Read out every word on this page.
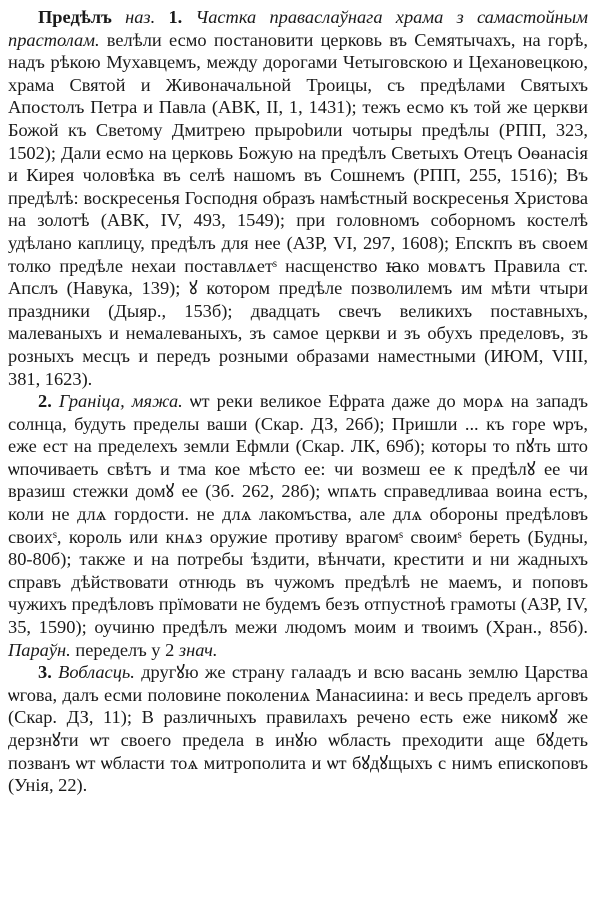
Предѣлъ наз. 1. Частка праваслаўнага храма з самастойным прастолам. велѣли есмо постановити церковь въ Семятычахъ, на горѣ, надъ рѣкою Мухавцемъ, между дорогами Четыговскою и Цехановецкою, храма Святой и Живоначальной Троицы, съ предѣлами Святыхъ Апостолъ Петра и Павла (АВК, II, 1, 1431); тежъ есмо къ той же церкви Божой къ Светому Дмитрею прырobили чотыры предѣлы (РПП, 323, 1502); Дали есмо на церковь Божую на предѣлъ Светыхъ Отецъ Оѳанасія и Кирея чоловѣка въ селѣ нашомъ въ Сошнемъ (РПП, 255, 1516); Въ предѣлѣ: воскресенья Господня образъ намѣстный воскресенья Христова на золотѣ (АВК, IV, 493, 1549); при головномъ соборномъ костелѣ удѣлано каплицу, предѣлъ для нее (АЗР, VI, 297, 1608); Епскпъ въ своем толко предѣле нехаи поставлѧетˢ насщенство ꙗко мовѧтъ Правила ст. Апслъ (Навука, 139); ꙋ котором предѣле позволилемъ им мѣти чтыри праздники (Дыяр., 153б); двадцать свечъ великихъ поставныхъ, малеваныхъ и немалеваныхъ, зъ самое церкви и зъ обухъ пределовъ, зъ розныхъ месцъ и передъ розными образами наместными (ИЮМ, VIII, 381, 1623).

2. Граніца, мяжа. ѡт реки великое Ефрата даже до морѧ на западъ солнца, будуть пределы ваши (Скар. ДЗ, 26б); Пришли ... къ горе ѡръ, еже ест на пределехъ земли Ефмли (Скар. ЛК, 69б); которы то пꙋть што ѡпочиваеть свѣтъ и тма кое мѣсто ее: чи возмеш ее к предѣлꙋ ее чи вразиш стежки домꙋ ее (Зб. 262, 28б); ѡпѧть справедливаа воина естъ, коли не длѧ гордости. не длѧ лакомъства, але длѧ обороны предѣловъ своихˢ, король или кнѧз оружие противу врагомˢ своимˢ береть (Будны, 80-80б); также и на потребы ѣздити, вѣнчати, крестити и ни жадныхъ справъ дѣйствовати отнюдь въ чужомъ предѣлѣ не маемъ, и поповъ чужихъ предѣловъ прїмовати не будемъ безъ отпустноѣ грамоты (АЗР, IV, 35, 1590); оучиню предѣлъ межи людомъ моим и твоимъ (Хран., 85б). Параўн. переделъ у 2 знач.

3. Вобласць. другꙋю же страну галаадъ и всю васань землю Царства ѡгова, далъ есми половине поколениѧ Манасиина: и весь пределъ арговъ (Скар. ДЗ, 11); В различныхъ правилахъ речено есть еже никомꙋ же дерзнꙋти ѡт своего предела в инꙋю ѡбласть преходити аще бꙋдеть позванъ ѡт ѡбласти тоѧ митрополита и ѡт бꙋдꙋщыхъ с нимъ епископовъ (Унія, 22).
